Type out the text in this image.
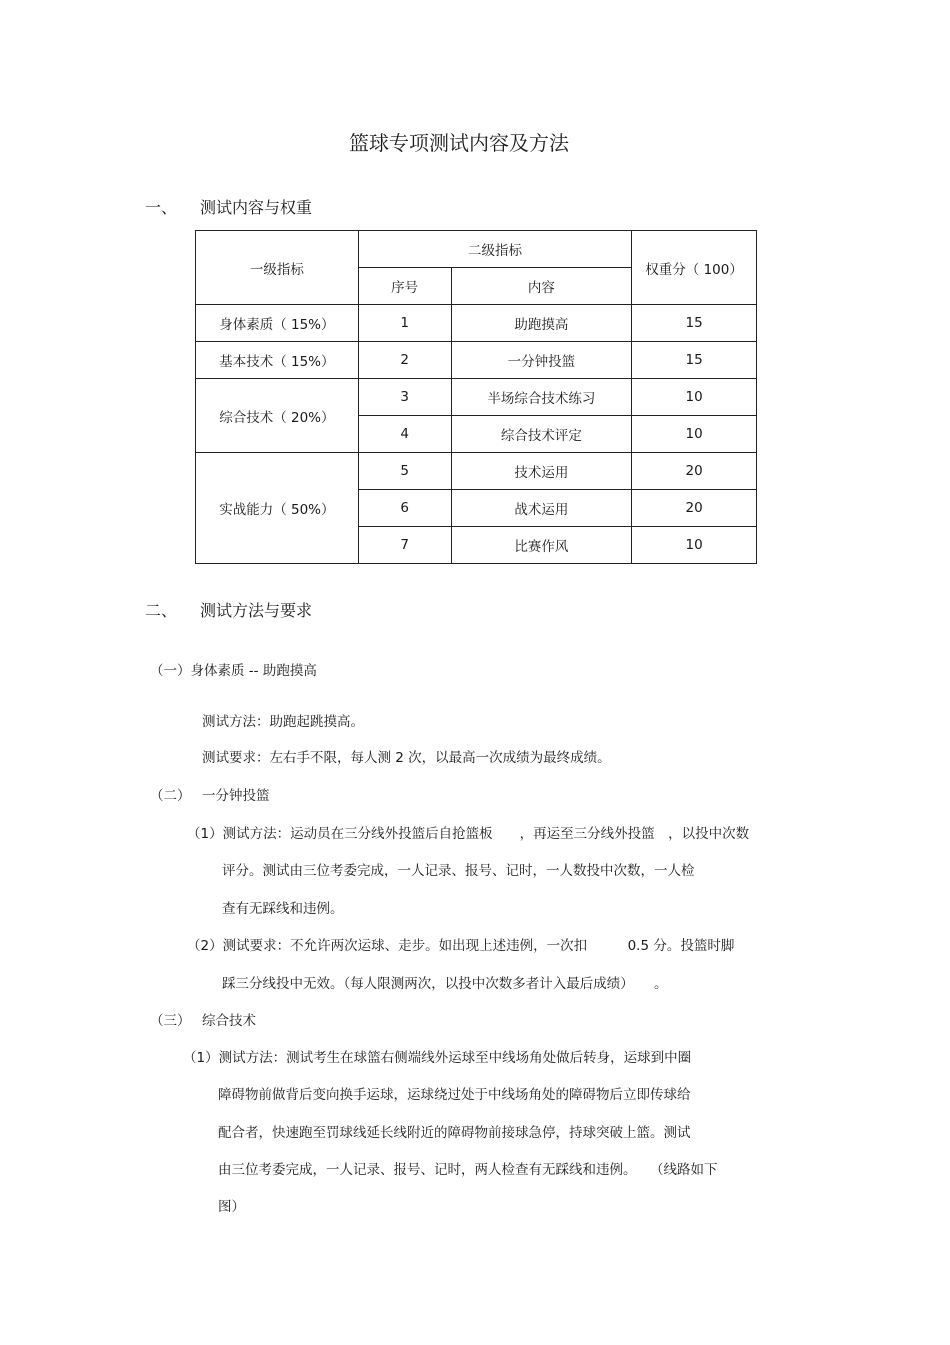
篮球专项测试内容及方法
一、 测试内容与权重
一级指标	二级指标		权重分（ 100）
	序号	内容	
身体素质（ 15%）	1	助跑摸高	15
基本技术（ 15%）	2	一分钟投篮	15
综合技术（ 20%）	3	半场综合技术练习	10
	4	综合技术评定	10
实战能力（ 50%）	5	技术运用	20
	6	战术运用	20
	7	比赛作风	10
二、 测试方法与要求
（一）身体素质 -- 助跑摸高
测试方法：助跑起跳摸高。
测试要求：左右手不限，每人测 2 次，以最高一次成绩为最终成绩。
（二） 一分钟投篮
（1）测试方法：运动员在三分线外投篮后自抢篮板　　，再运至三分线外投篮　，以投中次数
评分。测试由三位考委完成，一人记录、报号、记时，一人数投中次数，一人检
查有无踩线和违例。
（2）测试要求：不允许两次运球、走步。如出现上述违例，一次扣　　　0.5 分。投篮时脚
踩三分线投中无效。（每人限测两次，以投中次数多者计入最后成绩）　　。
（三） 综合技术
（1）测试方法：测试考生在球篮右侧端线外运球至中线场角处做后转身，运球到中圈
障碍物前做背后变向换手运球，运球绕过处于中线场角处的障碍物后立即传球给
配合者，快速跑至罚球线延长线附近的障碍物前接球急停，持球突破上篮。测试
由三位考委完成，一人记录、报号、记时，两人检查有无踩线和违例。　　（线路如下
图）
